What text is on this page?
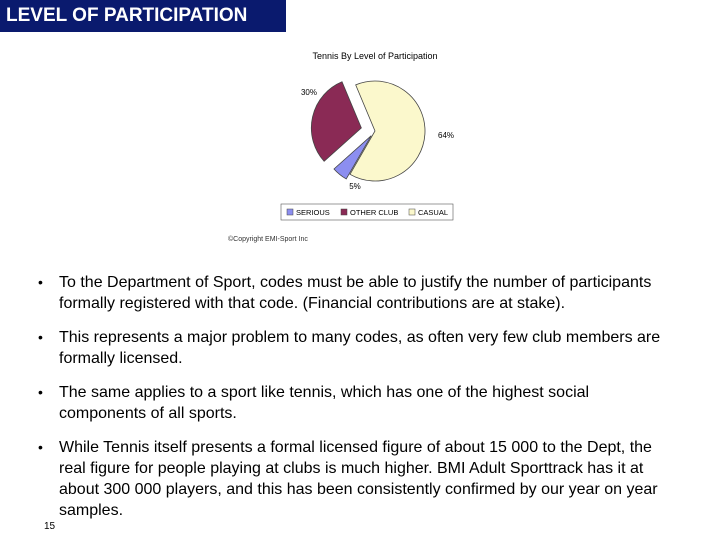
LEVEL OF PARTICIPATION
Tennis By Level of Participation
5%
30%
64%
SERIOUS	OTHER CLUB	CASUAL
©Copyright EMI-Sport Inc
• To the Department of Sport, codes must be able to justify the number of participants formally registered with that code. (Financial contributions are at stake).
• This represents a major problem to many codes, as often very few club members are formally licensed.
• The same applies to a sport like tennis, which has one of the highest social components of all sports.
• While Tennis itself presents a formal licensed figure of about 15 000 to the Dept, the real figure for people playing at clubs is much higher. BMI Adult Sporttrack has it at about 300 000 players, and this has been consistently confirmed by our year on year samples.
15
